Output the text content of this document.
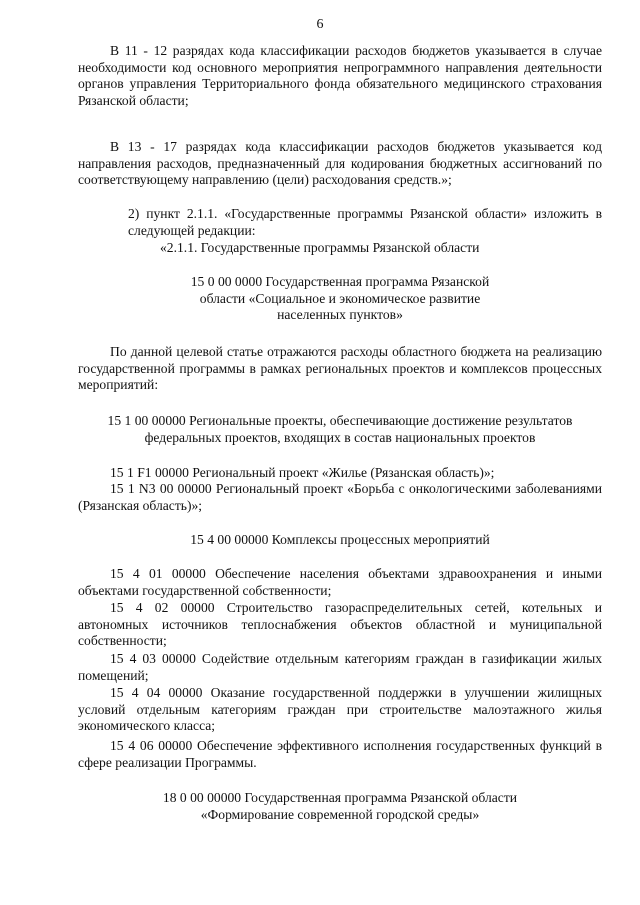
6

В 11 - 12 разрядах кода классификации расходов бюджетов указывается в случае необходимости код основного мероприятия непрограммного направления деятельности органов управления Территориального фонда обязательного медицинского страхования Рязанской области;

В 13 - 17 разрядах кода классификации расходов бюджетов указывается код направления расходов, предназначенный для кодирования бюджетных ассигнований по соответствующему направлению (цели) расходования средств.»;

2) пункт 2.1.1. «Государственные программы Рязанской области» изложить в следующей редакции:

«2.1.1. Государственные программы Рязанской области

15 0 00 0000 Государственная программа Рязанской области «Социальное и экономическое развитие населенных пунктов»

По данной целевой статье отражаются расходы областного бюджета на реализацию государственной программы в рамках региональных проектов и комплексов процессных мероприятий:

15 1 00 00000 Региональные проекты, обеспечивающие достижение результатов федеральных проектов, входящих в состав национальных проектов

15 1 F1 00000 Региональный проект «Жилье (Рязанская область)»;

15 1 N3 00 00000 Региональный проект «Борьба с онкологическими заболеваниями (Рязанская область)»;

15 4 00 00000 Комплексы процессных мероприятий

15 4 01 00000 Обеспечение населения объектами здравоохранения и иными объектами государственной собственности;

15 4 02 00000 Строительство газораспределительных сетей, котельных и автономных источников теплоснабжения объектов областной и муниципальной собственности;

15 4 03 00000 Содействие отдельным категориям граждан в газификации жилых помещений;

15 4 04 00000 Оказание государственной поддержки в улучшении жилищных условий отдельным категориям граждан при строительстве малоэтажного жилья экономического класса;

15 4 06 00000 Обеспечение эффективного исполнения государственных функций в сфере реализации Программы.

18 0 00 00000 Государственная программа Рязанской области «Формирование современной городской среды»
